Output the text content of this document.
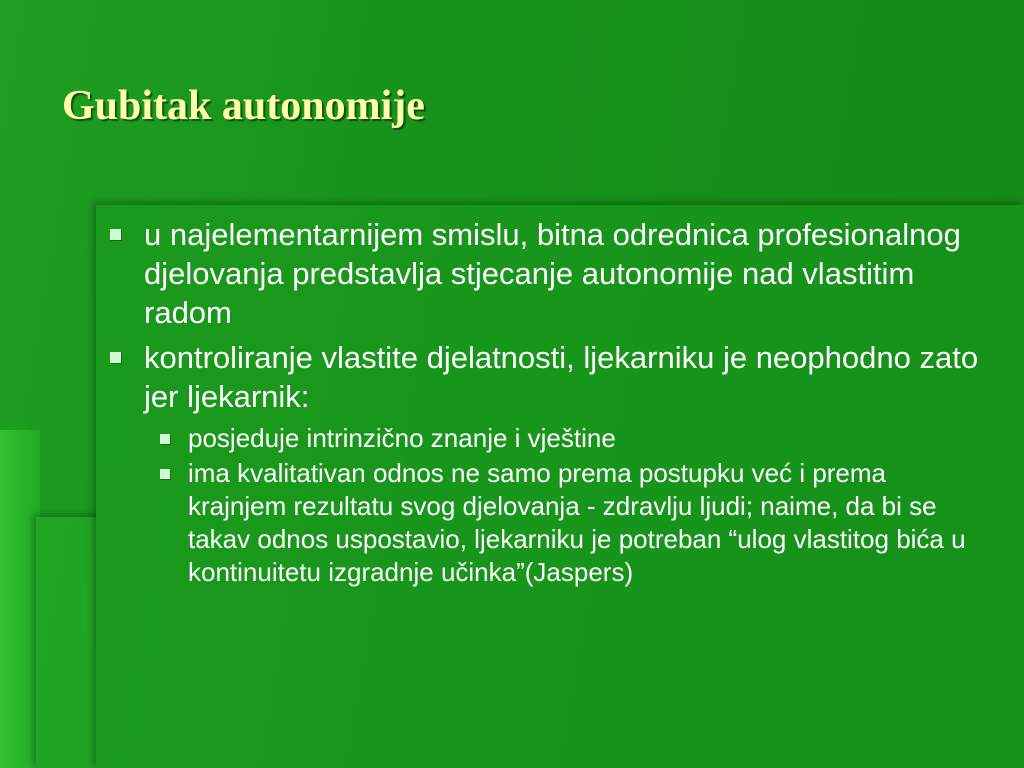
Gubitak autonomije
u najelementarnijem smislu, bitna odrednica profesionalnog djelovanja predstavlja stjecanje autonomije nad vlastitim radom
kontroliranje vlastite djelatnosti, ljekarniku je neophodno zato jer ljekarnik:
posjeduje intrinzično znanje i vještine
ima kvalitativan odnos ne samo prema postupku već i prema krajnjem rezultatu svog djelovanja - zdravlju ljudi; naime, da bi se takav odnos uspostavio, ljekarniku je potreban “ulog vlastitog bića u kontinuitetu izgradnje učinka”(Jaspers)
